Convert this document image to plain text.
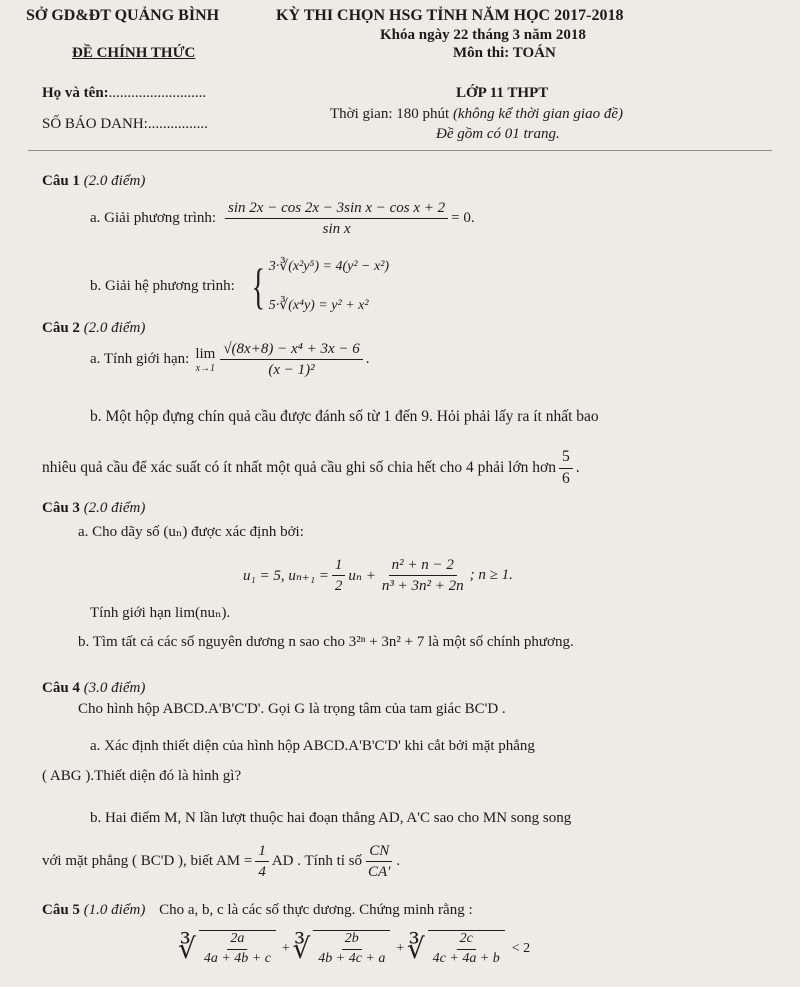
SỞ GD&ĐT QUẢNG BÌNH	KỲ THI CHỌN HSG TỈNH NĂM HỌC 2017-2018
Khóa ngày 22 tháng 3 năm 2018
ĐỀ CHÍNH THỨC	Môn thi: TOÁN
Họ và tên:..........................	LỚP 11 THPT
SỐ BÁO DANH:................
Thời gian: 180 phút (không kể thời gian giao đề)
Đề gồm có 01 trang.
Câu 1 (2.0 điểm)
a. Giải phương trình: $\frac{\text{sin 2x − cos 2x − 3sin x − cos x + 2}}{\text{sin x}} = 0$.
b. Giải hệ phương trình: { 3·∛(x²y⁵) = 4(y² − x²)
5·∛(x⁴y) = y² + x²
Câu 2 (2.0 điểm)
a. Tính giới hạn: lim
$x\to 1 \frac{\text{√(8x+8) − x⁴ + 3x − 6}}{\text{(x − 1)²}}$ .
b. Một hộp đựng chín quả cầu được đánh số từ 1 đến 9. Hỏi phải lấy ra ít nhất bao
nhiêu quả cầu để xác suất có ít nhất một quả cầu ghi số chia hết cho 4 phải lớn hơn $\frac{5}{6}$ .
Câu 3 (2.0 điểm)
a. Cho dãy số (uₙ) được xác định bởi:
u₁ = 5, $u_{n+1} = \frac{1}{2}$ $u_n + \frac{\text{n² + n − 2}}{\text{n³ + 3n² + 2n}}$ ; n ≥ 1.
Tính giới hạn lim(nuₙ).
b. Tìm tất cả các số nguyên dương n sao cho 3²ⁿ + 3n² + 7 là một số chính phương.
Câu 4 (3.0 điểm)
Cho hình hộp ABCD.A'B'C'D'. Gọi G là trọng tâm của tam giác BC'D .
a. Xác định thiết diện của hình hộp ABCD.A'B'C'D' khi cắt bởi mặt phẳng
( ABG ).Thiết diện đó là hình gì?
b. Hai điểm M, N lần lượt thuộc hai đoạn thẳng AD, A'C sao cho MN song song
với mặt phẳng ( BC'D ), biết AM = $\frac{1}{4}$ AD . Tính tỉ số $\frac{CN}{CA'}$ .
Câu 5 (1.0 điểm) Cho a, b, c là các số thực dương. Chứng minh rằng :
∛ $\frac{2a}{4a + 4b + c}$ + ∛ $\frac{2b}{4b + 4c + a}$ + ∛ $\frac{2c}{4c + 4a + b} < 2$
